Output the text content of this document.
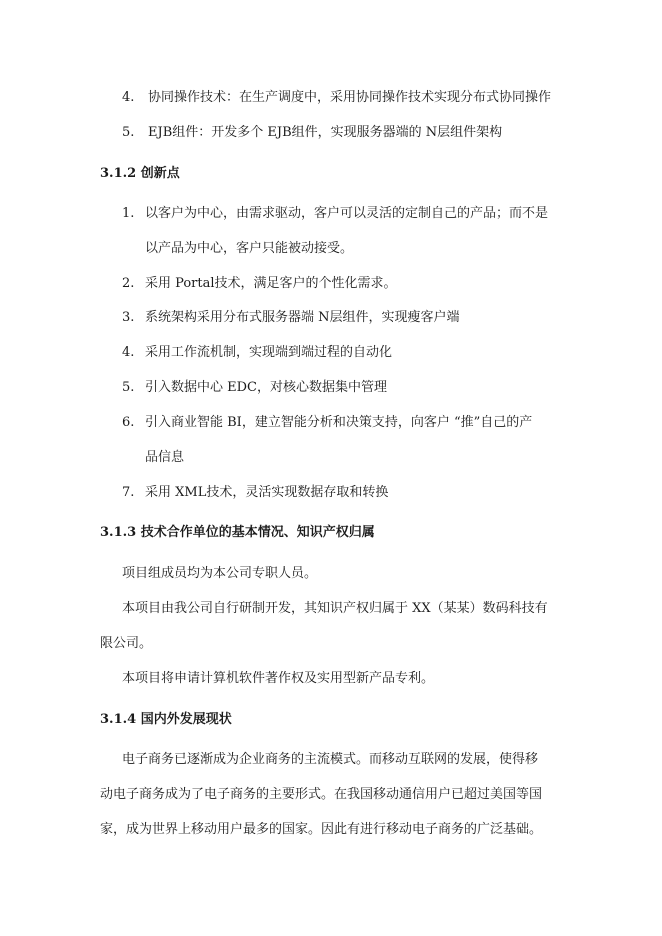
4. 协同操作技术：在生产调度中，采用协同操作技术实现分布式协同操作
5. EJB组件：开发多个 EJB组件，实现服务器端的 N层组件架构
3.1.2 创新点
1. 以客户为中心，由需求驱动，客户可以灵活的定制自己的产品；而不是
以产品为中心，客户只能被动接受。
2. 采用 Portal技术，满足客户的个性化需求。
3. 系统架构采用分布式服务器端 N层组件，实现瘦客户端
4. 采用工作流机制，实现端到端过程的自动化
5. 引入数据中心 EDC，对核心数据集中管理
6. 引入商业智能 BI，建立智能分析和决策支持，向客户 “推”自己的产
品信息
7. 采用 XML技术，灵活实现数据存取和转换
3.1.3 技术合作单位的基本情况、知识产权归属
项目组成员均为本公司专职人员。
本项目由我公司自行研制开发，其知识产权归属于 XX（某某）数码科技有
限公司。
本项目将申请计算机软件著作权及实用型新产品专利。
3.1.4 国内外发展现状
电子商务已逐渐成为企业商务的主流模式。而移动互联网的发展，使得移
动电子商务成为了电子商务的主要形式。在我国移动通信用户已超过美国等国
家，成为世界上移动用户最多的国家。因此有进行移动电子商务的广泛基础。
